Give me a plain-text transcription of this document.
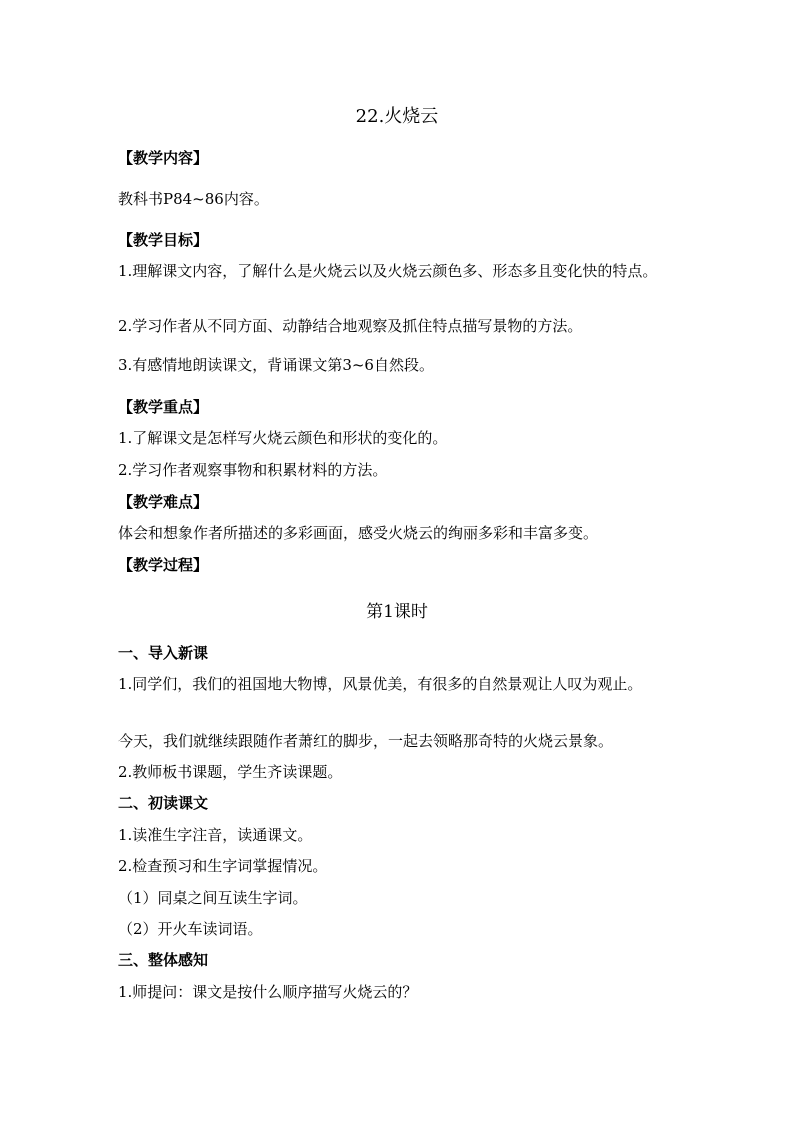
22.火烧云
【教学内容】
教科书P84~86内容。
【教学目标】
1.理解课文内容，了解什么是火烧云以及火烧云颜色多、形态多且变化快的特点。
2.学习作者从不同方面、动静结合地观察及抓住特点描写景物的方法。
3.有感情地朗读课文，背诵课文第3~6自然段。
【教学重点】
1.了解课文是怎样写火烧云颜色和形状的变化的。
2.学习作者观察事物和积累材料的方法。
【教学难点】
体会和想象作者所描述的多彩画面，感受火烧云的绚丽多彩和丰富多变。
【教学过程】
第1课时
一、导入新课
1.同学们，我们的祖国地大物博，风景优美，有很多的自然景观让人叹为观止。
今天，我们就继续跟随作者萧红的脚步，一起去领略那奇特的火烧云景象。
2.教师板书课题，学生齐读课题。
二、初读课文
1.读准生字注音，读通课文。
2.检查预习和生字词掌握情况。
（1）同桌之间互读生字词。
（2）开火车读词语。
三、整体感知
1.师提问：课文是按什么顺序描写火烧云的？
